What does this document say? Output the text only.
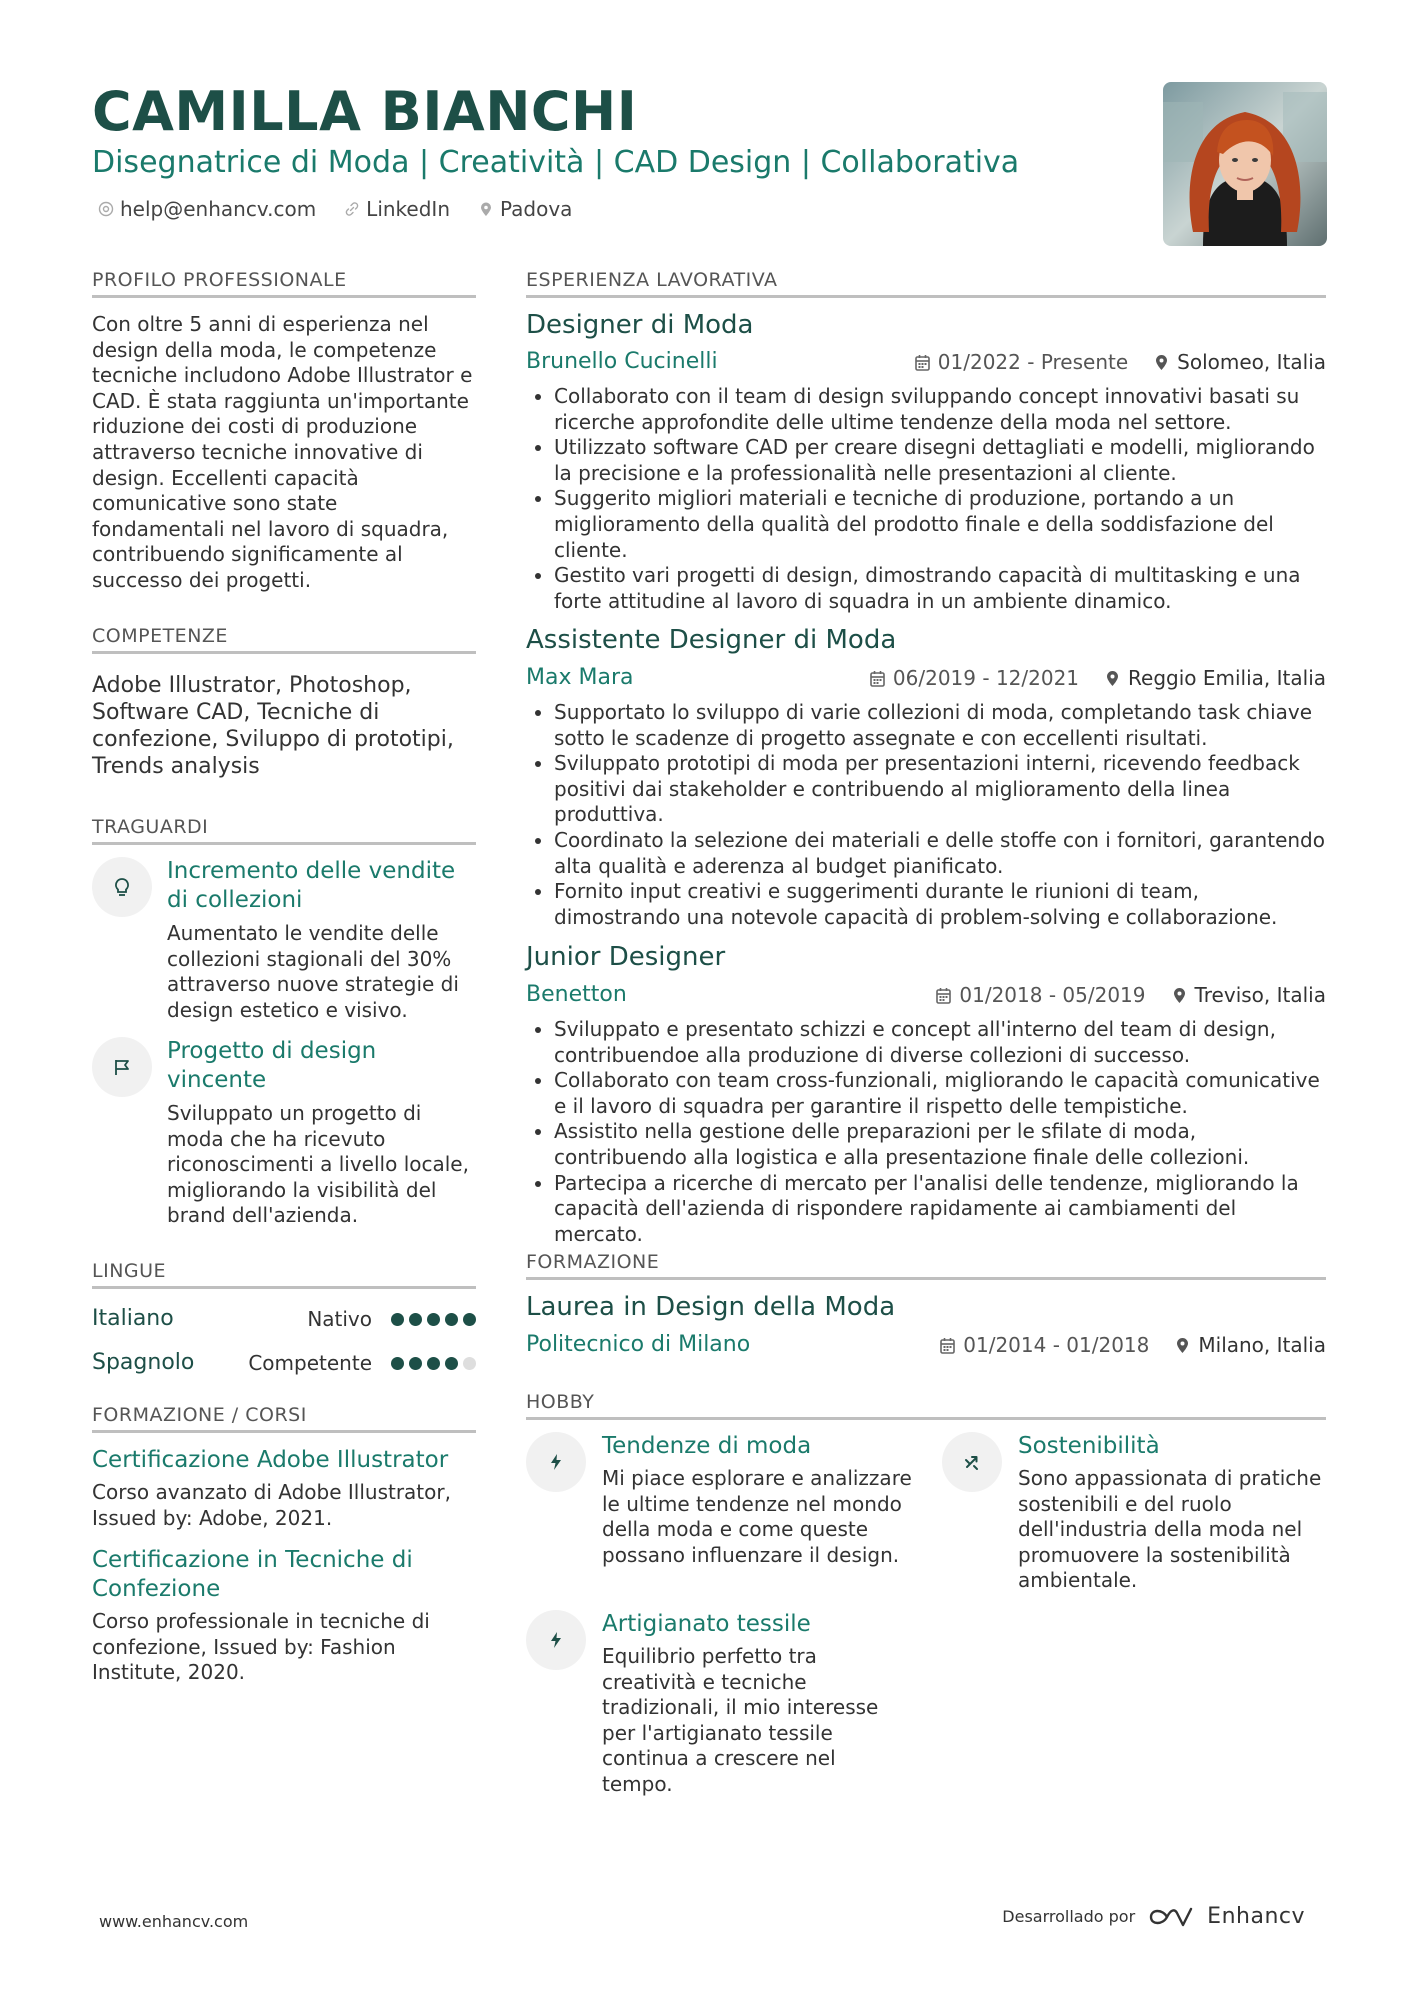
CAMILLA BIANCHI
Disegnatrice di Moda | Creatività | CAD Design | Collaborativa
help@enhancv.com	LinkedIn	Padova
PROFILO PROFESSIONALE
Con oltre 5 anni di esperienza nel design della moda, le competenze tecniche includono Adobe Illustrator e CAD. È stata raggiunta un'importante riduzione dei costi di produzione attraverso tecniche innovative di design. Eccellenti capacità comunicative sono state fondamentali nel lavoro di squadra, contribuendo significamente al successo dei progetti.
COMPETENZE
Adobe Illustrator, Photoshop, Software CAD, Tecniche di confezione, Sviluppo di prototipi, Trends analysis
TRAGUARDI
Incremento delle vendite di collezioni
Aumentato le vendite delle collezioni stagionali del 30% attraverso nuove strategie di design estetico e visivo.
Progetto di design vincente
Sviluppato un progetto di moda che ha ricevuto riconoscimenti a livello locale, migliorando la visibilità del brand dell'azienda.
LINGUE
Italiano	Nativo
Spagnolo	Competente
FORMAZIONE / CORSI
Certificazione Adobe Illustrator
Corso avanzato di Adobe Illustrator, Issued by: Adobe, 2021.
Certificazione in Tecniche di Confezione
Corso professionale in tecniche di confezione, Issued by: Fashion Institute, 2020.
ESPERIENZA LAVORATIVA
Designer di Moda
Brunello Cucinelli	01/2022 - Presente Solomeo, Italia
Collaborato con il team di design sviluppando concept innovativi basati su ricerche approfondite delle ultime tendenze della moda nel settore.
Utilizzato software CAD per creare disegni dettagliati e modelli, migliorando la precisione e la professionalità nelle presentazioni al cliente.
Suggerito migliori materiali e tecniche di produzione, portando a un miglioramento della qualità del prodotto finale e della soddisfazione del cliente.
Gestito vari progetti di design, dimostrando capacità di multitasking e una forte attitudine al lavoro di squadra in un ambiente dinamico.
Assistente Designer di Moda
Max Mara	06/2019 - 12/2021 Reggio Emilia, Italia
Supportato lo sviluppo di varie collezioni di moda, completando task chiave sotto le scadenze di progetto assegnate e con eccellenti risultati.
Sviluppato prototipi di moda per presentazioni interni, ricevendo feedback positivi dai stakeholder e contribuendo al miglioramento della linea produttiva.
Coordinato la selezione dei materiali e delle stoffe con i fornitori, garantendo alta qualità e aderenza al budget pianificato.
Fornito input creativi e suggerimenti durante le riunioni di team, dimostrando una notevole capacità di problem-solving e collaborazione.
Junior Designer
Benetton	01/2018 - 05/2019 Treviso, Italia
Sviluppato e presentato schizzi e concept all'interno del team di design, contribuendoe alla produzione di diverse collezioni di successo.
Collaborato con team cross-funzionali, migliorando le capacità comunicative e il lavoro di squadra per garantire il rispetto delle tempistiche.
Assistito nella gestione delle preparazioni per le sfilate di moda, contribuendo alla logistica e alla presentazione finale delle collezioni.
Partecipa a ricerche di mercato per l'analisi delle tendenze, migliorando la capacità dell'azienda di rispondere rapidamente ai cambiamenti del mercato.
FORMAZIONE
Laurea in Design della Moda
Politecnico di Milano	01/2014 - 01/2018 Milano, Italia
HOBBY
Tendenze di moda
Mi piace esplorare e analizzare le ultime tendenze nel mondo della moda e come queste possano influenzare il design.
Sostenibilità
Sono appassionata di pratiche sostenibili e del ruolo dell'industria della moda nel promuovere la sostenibilità ambientale.
Artigianato tessile
Equilibrio perfetto tra creatività e tecniche tradizionali, il mio interesse per l'artigianato tessile continua a crescere nel tempo.
www.enhancv.com	Desarrollado por	Enhancv
